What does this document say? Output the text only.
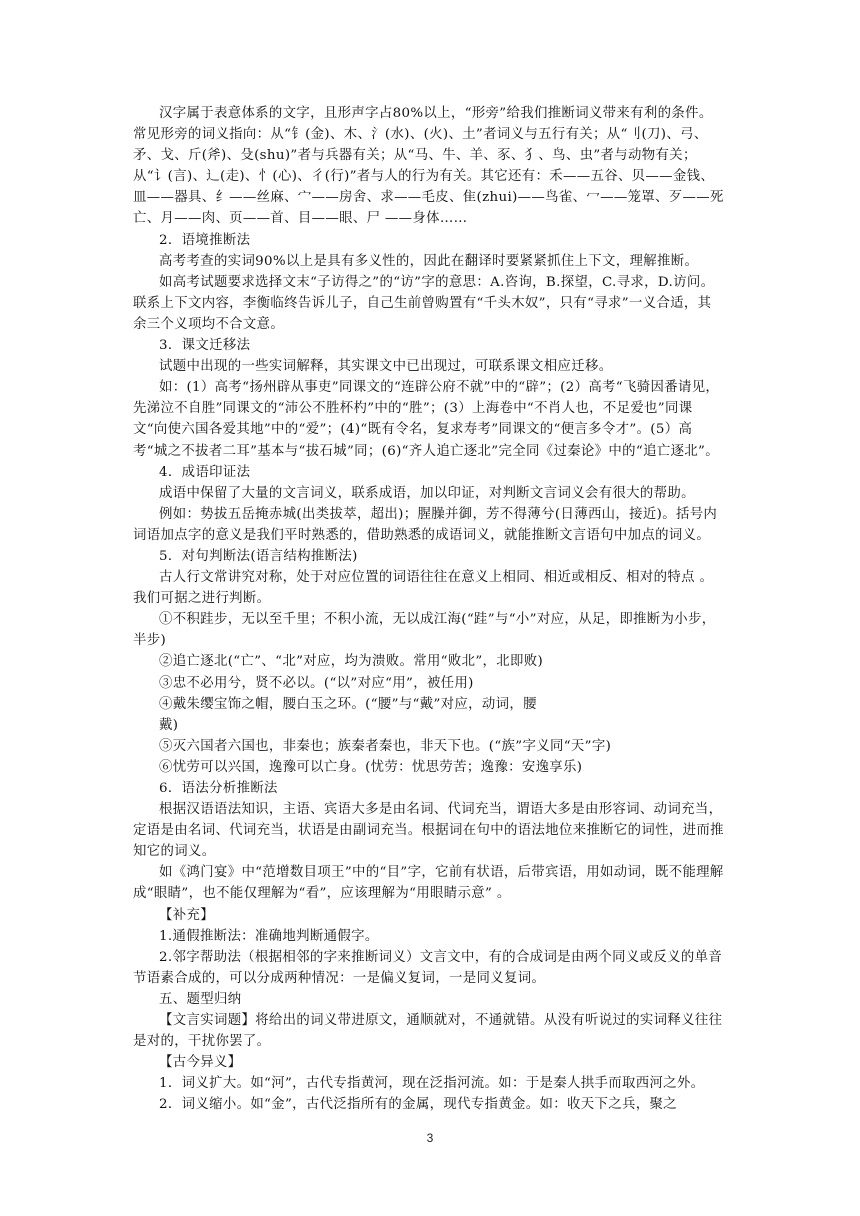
汉字属于表意体系的文字，且形声字占80%以上，“形旁”给我们推断词义带来有利的条件。常见形旁的词义指向：从“钅(金)、木、氵(水)、(火)、土”者词义与五行有关；从“刂(刀)、弓、矛、戈、斤(斧)、殳(shu)”者与兵器有关；从“马、牛、羊、豕、犭、鸟、虫”者与动物有关；从“讠(言)、辶(走)、忄(心)、彳(行)”者与人的行为有关。其它还有：禾——五谷、贝——金钱、皿——器具、纟——丝麻、宀——房舍、求——毛皮、隹(zhui)——鸟雀、冖——笼罩、歹——死亡、月——肉、页——首、目——眼、尸 ——身体……

2．语境推断法

高考考查的实词90%以上是具有多义性的，因此在翻译时要紧紧抓住上下文，理解推断。

如高考试题要求选择文末“子访得之”的“访”字的意思：A.咨询，B.探望，C.寻求，D.访问。联系上下文内容，李衡临终告诉儿子，自己生前曾购置有“千头木奴”，只有“寻求”一义合适，其余三个义项均不合文意。

3．课文迁移法

试题中出现的一些实词解释，其实课文中已出现过，可联系课文相应迁移。

如：(1）高考“扬州辟从事吏”同课文的“连辟公府不就”中的“辟”；(2）高考“飞骑因番请见，先涕泣不自胜”同课文的“沛公不胜杯杓”中的“胜”；(3）上海卷中“不肖人也，不足爱也”同课文“向使六国各爱其地”中的“爱”；(4)“既有令名，复求寿考”同课文的“便言多令才”。(5）高考“城之不拔者二耳”基本与“拔石城”同；(6)“齐人追亡逐北”完全同《过秦论》中的“追亡逐北”。

4．成语印证法

成语中保留了大量的文言词义，联系成语，加以印证，对判断文言词义会有很大的帮助。

例如：势拔五岳掩赤城(出类拔萃，超出)；腥臊并御，芳不得薄兮(日薄西山，接近)。括号内词语加点字的意义是我们平时熟悉的，借助熟悉的成语词义，就能推断文言语句中加点的词义。

5．对句判断法(语言结构推断法)

古人行文常讲究对称，处于对应位置的词语往往在意义上相同、相近或相反、相对的特点 。我们可据之进行判断。

①不积跬步，无以至千里；不积小流，无以成江海(“跬”与“小”对应，从足，即推断为小步，半步)

②追亡逐北(“亡”、“北”对应，均为溃败。常用“败北”，北即败)

③忠不必用兮，贤不必以。(“以”对应“用”，被任用)

④戴朱缨宝饰之帽，腰白玉之环。(“腰”与“戴”对应，动词，腰

戴)

⑤灭六国者六国也，非秦也；族秦者秦也，非天下也。(“族”字义同“天”字)

⑥忧劳可以兴国，逸豫可以亡身。(忧劳：忧思劳苦；逸豫：安逸享乐)

6．语法分析推断法

根据汉语语法知识，主语、宾语大多是由名词、代词充当，谓语大多是由形容词、动词充当，定语是由名词、代词充当，状语是由副词充当。根据词在句中的语法地位来推断它的词性，进而推知它的词义。

如《鸿门宴》中“范增数目项王”中的“目”字，它前有状语，后带宾语，用如动词，既不能理解成“眼睛”，也不能仅理解为“看”，应该理解为“用眼睛示意” 。

【补充】

1.通假推断法：准确地判断通假字。

2.邻字帮助法（根据相邻的字来推断词义）文言文中，有的合成词是由两个同义或反义的单音节语素合成的，可以分成两种情况：一是偏义复词，一是同义复词。

五、题型归纳

【文言实词题】将给出的词义带进原文，通顺就对，不通就错。从没有听说过的实词释义往往是对的，干扰你罢了。

【古今异义】

1．词义扩大。如“河”，古代专指黄河，现在泛指河流。如：于是秦人拱手而取西河之外。

2．词义缩小。如“金”，古代泛指所有的金属，现代专指黄金。如：收天下之兵，聚之

3
